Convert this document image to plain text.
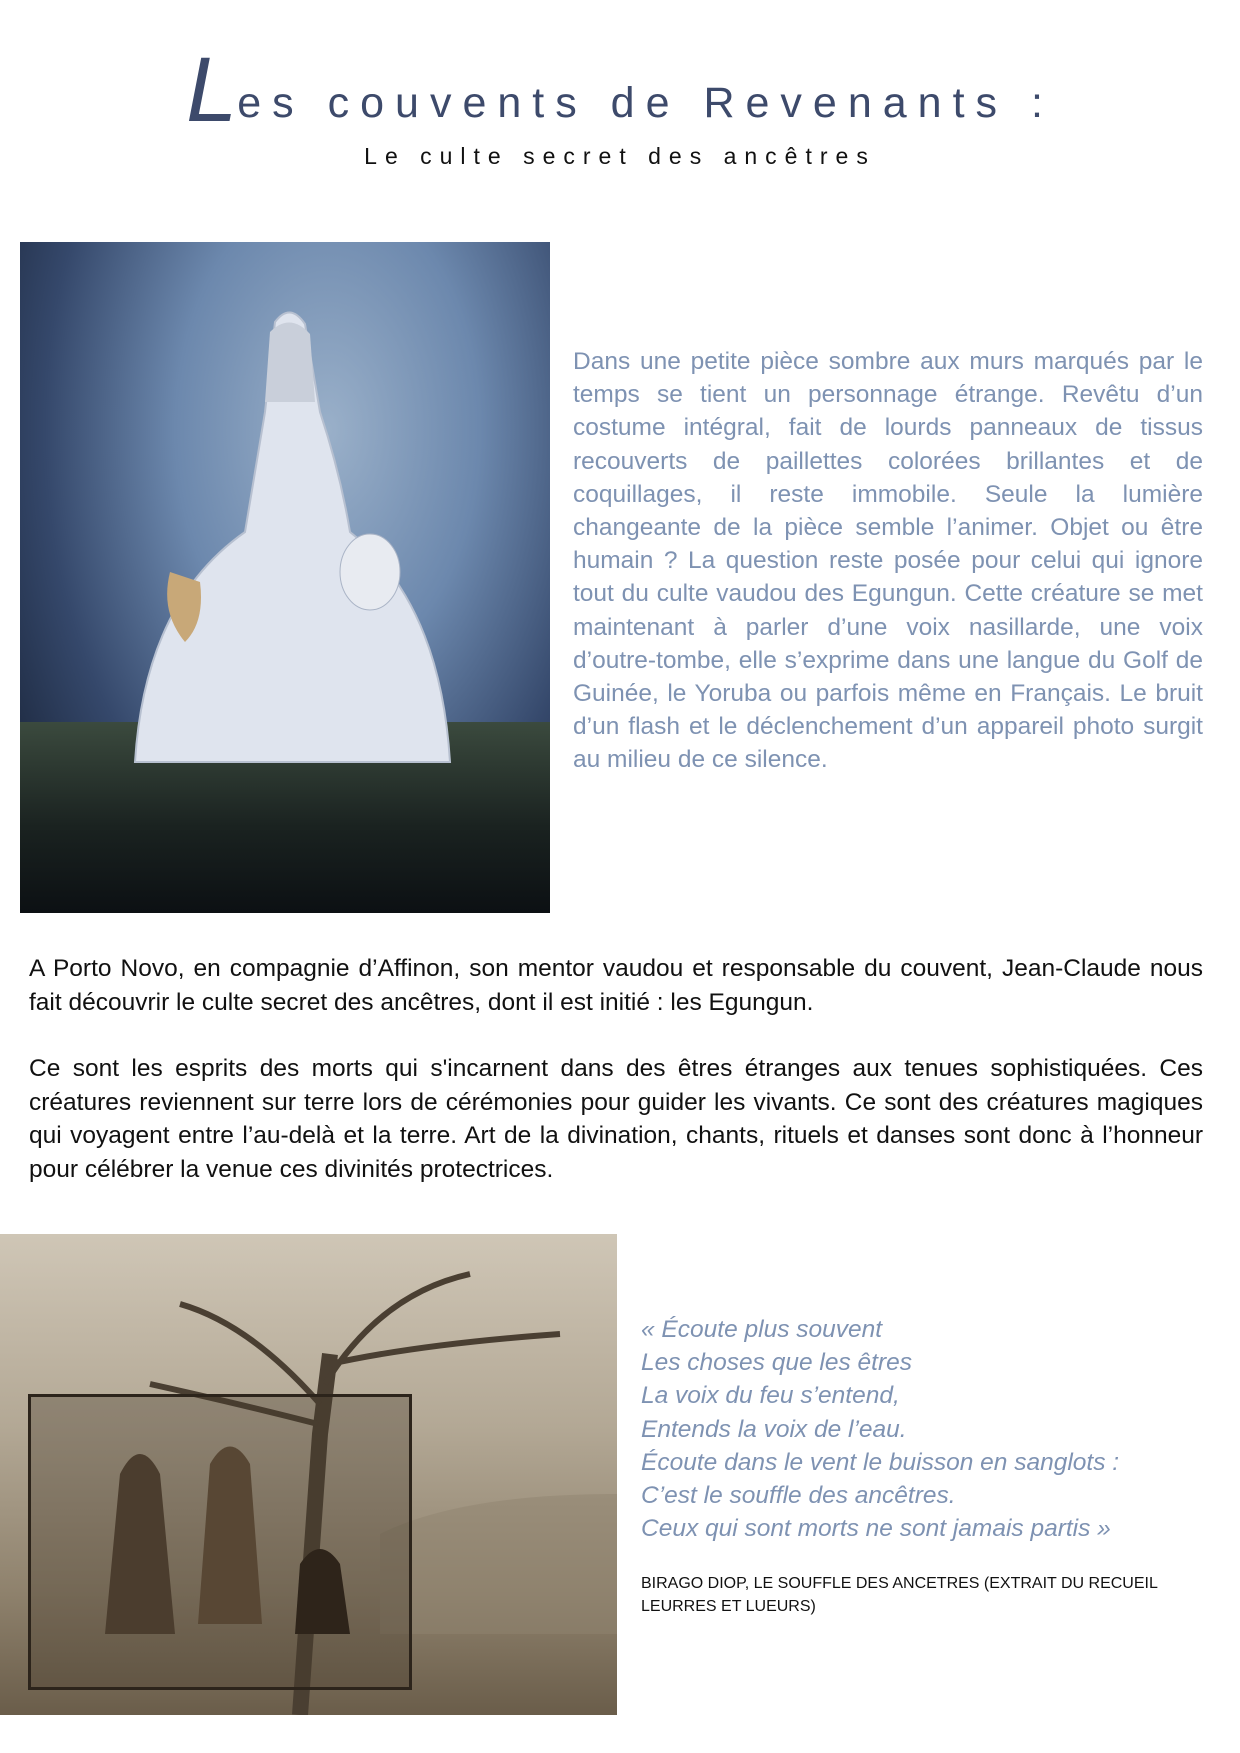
Les couvents de Revenants :
Le culte secret des ancêtres
Dans une petite pièce sombre aux murs marqués par le temps se tient un personnage étrange. Revêtu d’un costume intégral, fait de lourds panneaux de tissus recouverts de paillettes colorées brillantes et de coquillages, il reste immobile. Seule la lumière changeante de la pièce semble l’animer. Objet ou être humain ? La question reste posée pour celui qui ignore tout du culte vaudou des Egungun. Cette créature se met maintenant à parler d’une voix nasillarde, une voix d’outre-tombe, elle s’exprime dans une langue du Golf de Guinée, le Yoruba ou parfois même en Français. Le bruit d’un flash et le déclenchement d’un appareil photo surgit au milieu de ce silence.
A Porto Novo, en compagnie d’Affinon, son mentor vaudou et responsable du couvent, Jean-Claude nous fait découvrir le culte secret des ancêtres, dont il est initié : les Egungun.
Ce sont les esprits des morts qui s'incarnent dans des êtres étranges aux tenues sophistiquées. Ces créatures reviennent sur terre lors de cérémonies pour guider les vivants. Ce sont des créatures magiques qui voyagent entre l’au-delà et la terre. Art de la divination, chants, rituels et danses sont donc à l’honneur pour célébrer la venue ces divinités protectrices.
« Écoute plus souvent
Les choses que les êtres
La voix du feu s’entend,
Entends la voix de l’eau.
Écoute dans le vent le buisson en sanglots :
C’est le souffle des ancêtres.
Ceux qui sont morts ne sont jamais partis »
BIRAGO DIOP, LE SOUFFLE DES ANCETRES (EXTRAIT DU RECUEIL LEURRES ET LUEURS)
